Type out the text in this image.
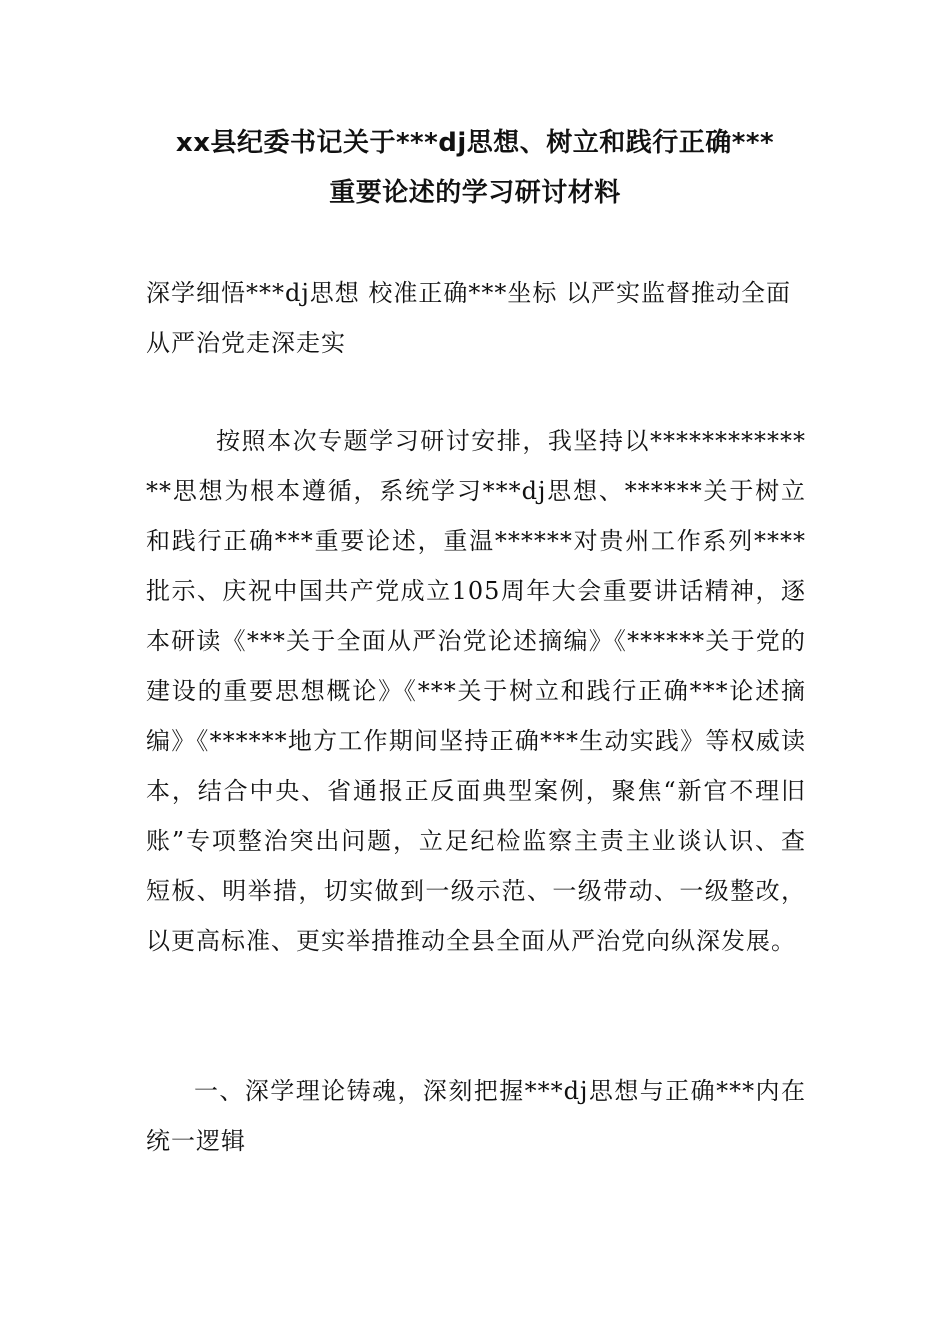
xx县纪委书记关于***dj思想、树立和践行正确***
重要论述的学习研讨材料
深学细悟***dj思想 校准正确***坐标 以严实监督推动全面从严治党走深走实
按照本次专题学习研讨安排，我坚持以**************思想为根本遵循，系统学习***dj思想、******关于树立和践行正确***重要论述，重温******对贵州工作系列****批示、庆祝中国共产党成立105周年大会重要讲话精神，逐本研读《***关于全面从严治党论述摘编》《******关于党的建设的重要思想概论》《***关于树立和践行正确***论述摘编》《******地方工作期间坚持正确***生动实践》等权威读本，结合中央、省通报正反面典型案例，聚焦“新官不理旧账”专项整治突出问题，立足纪检监察主责主业谈认识、查短板、明举措，切实做到一级示范、一级带动、一级整改，以更高标准、更实举措推动全县全面从严治党向纵深发展。
一、深学理论铸魂，深刻把握***dj思想与正确***内在统一逻辑
